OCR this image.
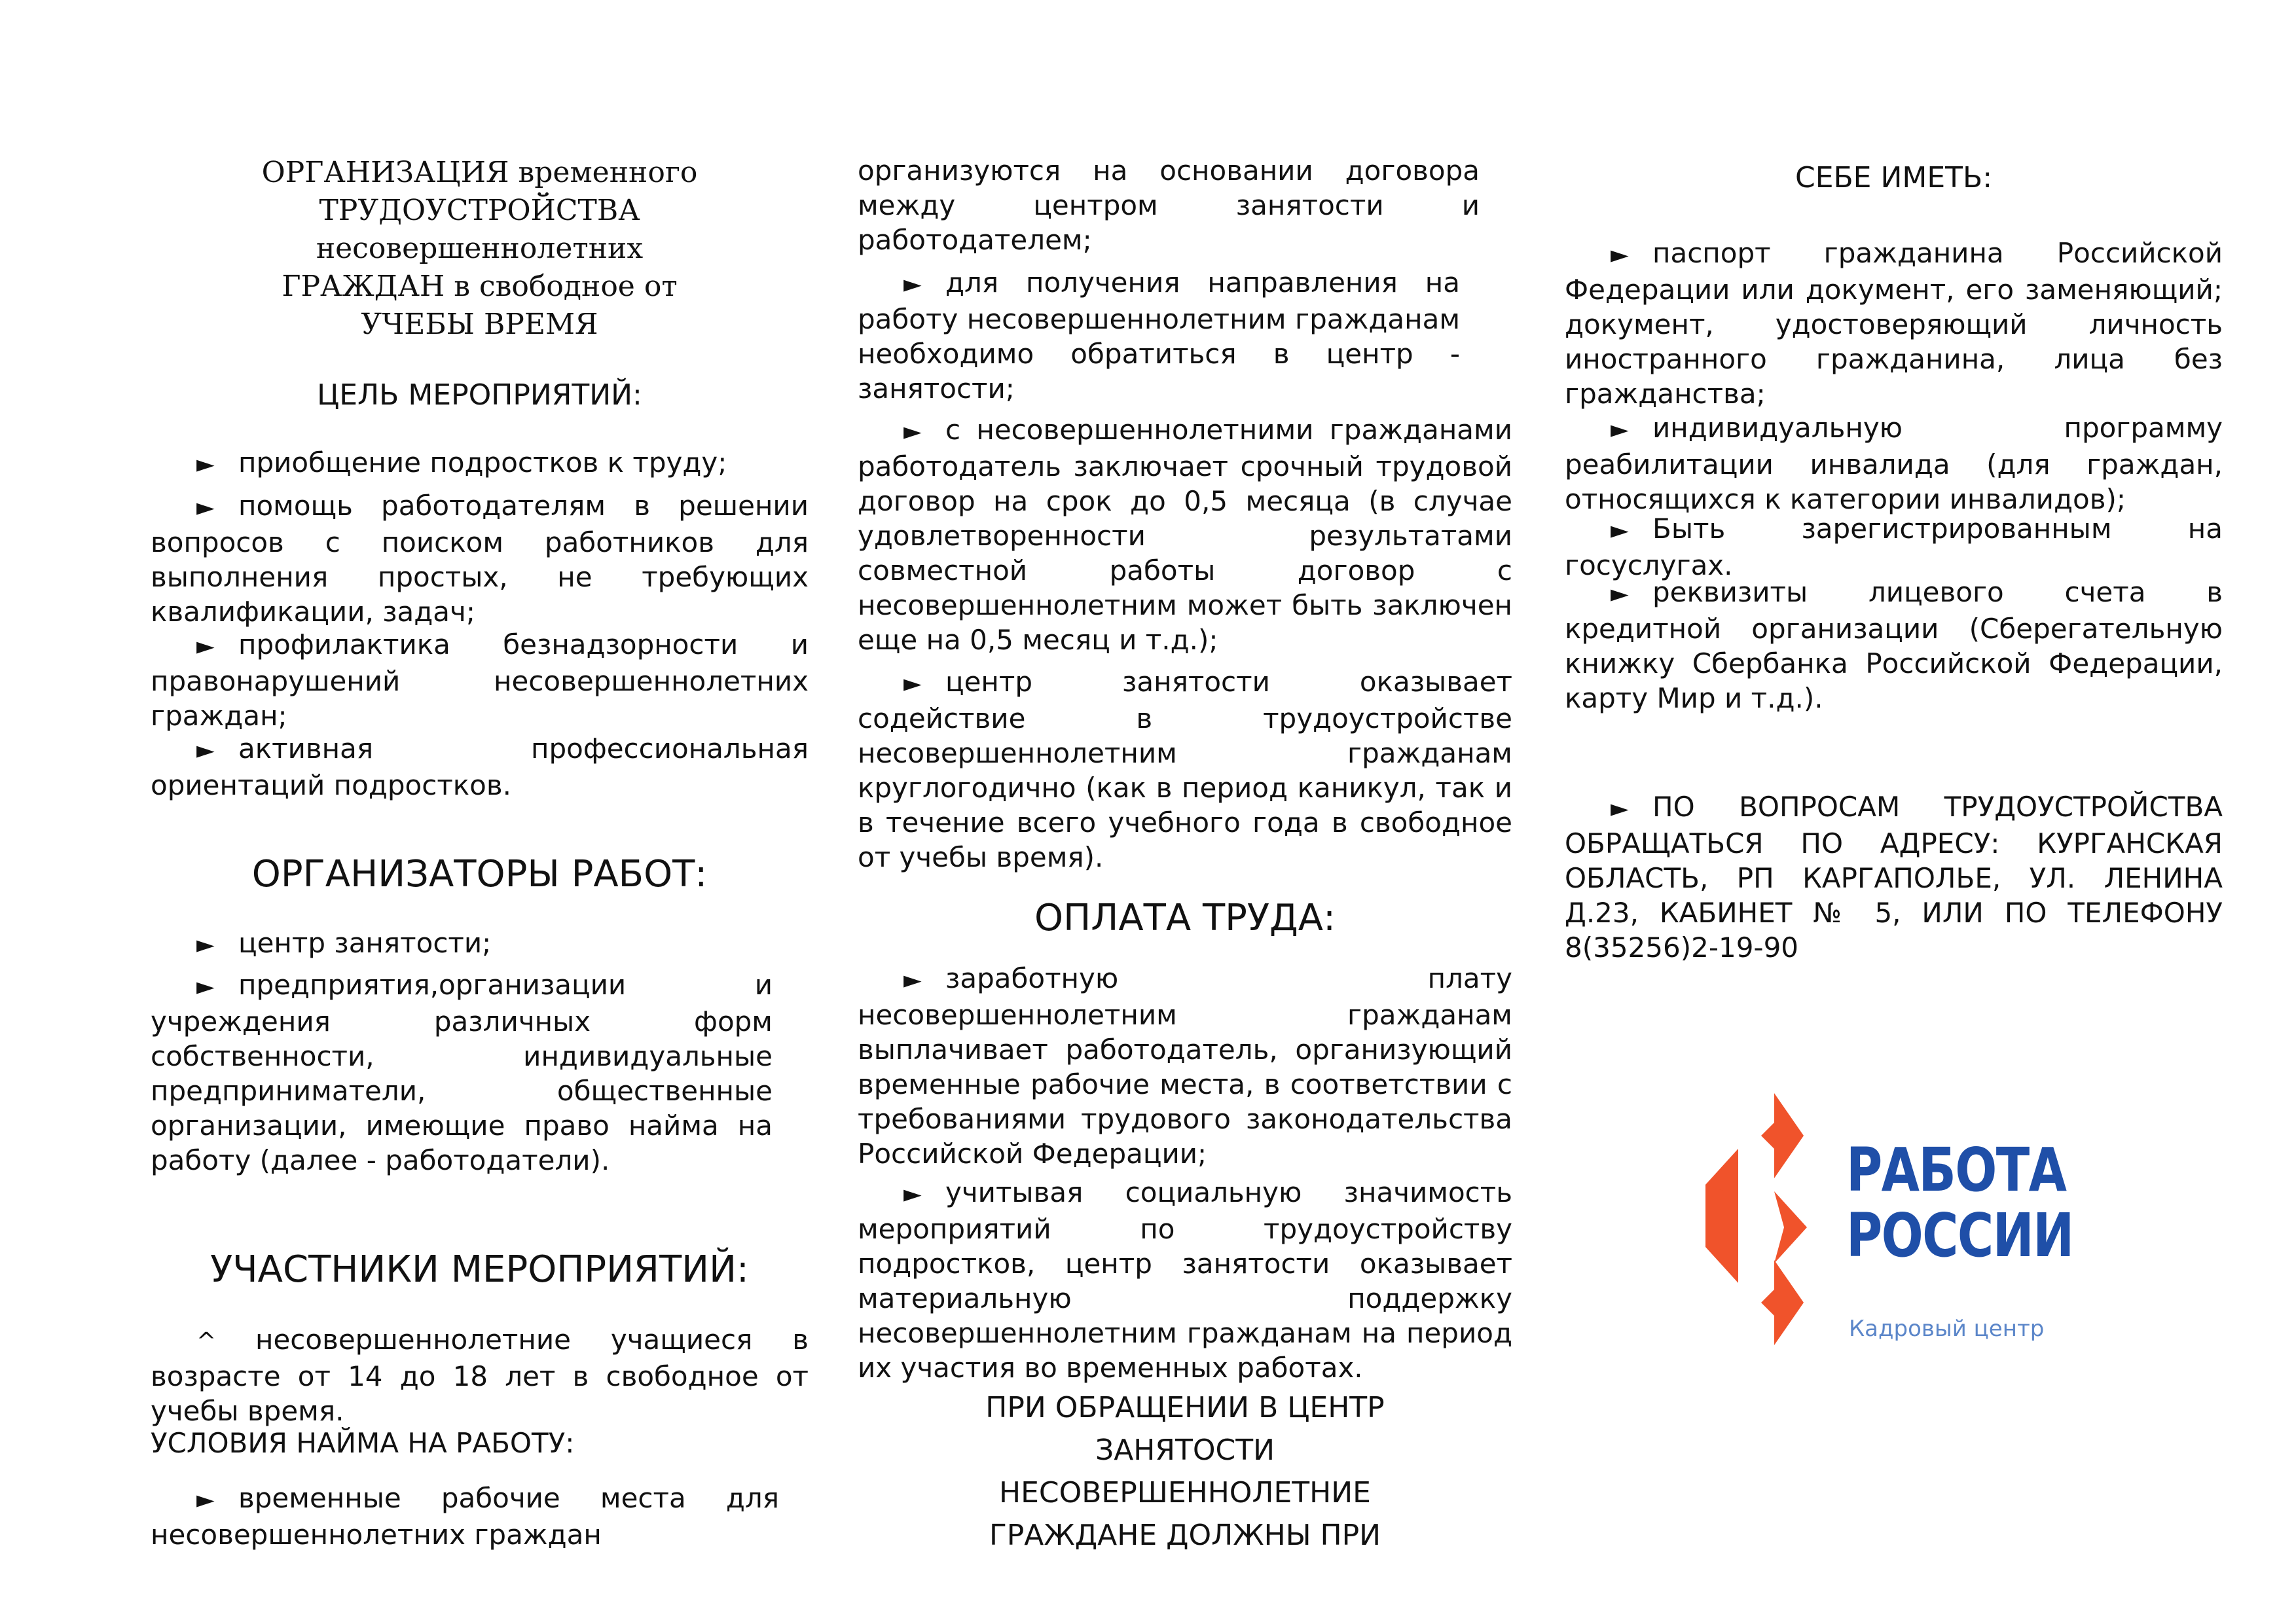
ОРГАНИЗАЦИЯ временного
ТРУДОУСТРОЙСТВА
несовершеннолетних
ГРАЖДАН в свободное от
УЧЕБЫ ВРЕМЯ
ЦЕЛЬ МЕРОПРИЯТИЙ:
► приобщение подростков к труду;
► помощь работодателям в решении вопросов с поиском работников для выполнения простых, не требующих квалификации, задач;
► профилактика безнадзорности и правонарушений несовершеннолетних граждан;
► активная профессиональная ориентаций подростков.
ОРГАНИЗАТОРЫ РАБОТ:
► центр занятости;
► предприятия,организации и учреждения различных форм собственности, индивидуальные предприниматели, общественные организации, имеющие право найма на работу (далее - работодатели).
УЧАСТНИКИ МЕРОПРИЯТИЙ:
^ несовершеннолетние учащиеся в возрасте от 14 до 18 лет в свободное от учебы время.
УСЛОВИЯ НАЙМА НА РАБОТУ:
► временные рабочие места для несовершеннолетних граждан
организуются на основании договора между центром занятости и работодателем;
► для получения направления на работу несовершеннолетним гражданам необходимо обратиться в центр - занятости;
► с несовершеннолетними гражданами работодатель заключает срочный трудовой договор на срок до 0,5 месяца (в случае удовлетворенности результатами совместной работы договор с несовершеннолетним может быть заключен еще на 0,5 месяц и т.д.);
► центр занятости оказывает содействие в трудоустройстве несовершеннолетним гражданам круглогодично (как в период каникул, так и в течение всего учебного года в свободное от учебы время).
ОПЛАТА ТРУДА:
► заработную плату несовершеннолетним гражданам выплачивает работодатель, организующий временные рабочие места, в соответствии с требованиями трудового законодательства Российской Федерации;
► учитывая социальную значимость мероприятий по трудоустройству подростков, центр занятости оказывает материальную поддержку несовершеннолетним гражданам на период их участия во временных работах.
ПРИ ОБРАЩЕНИИ В ЦЕНТР
ЗАНЯТОСТИ
НЕСОВЕРШЕННОЛЕТНИЕ
ГРАЖДАНЕ ДОЛЖНЫ ПРИ
СЕБЕ ИМЕТЬ:
► паспорт гражданина Российской Федерации или документ, его заменяющий; документ, удостоверяющий личность иностранного гражданина, лица без гражданства;
► индивидуальную программу реабилитации инвалида (для граждан, относящихся к категории инвалидов);
► Быть зарегистрированным на госуслугах.
► реквизиты лицевого счета в кредитной организации (Сберегательную книжку Сбербанка Российской Федерации, карту Мир и т.д.).
► ПО ВОПРОСАМ ТРУДОУСТРОЙСТВА ОБРАЩАТЬСЯ ПО АДРЕСУ: КУРГАНСКАЯ ОБЛАСТЬ, РП КАРГАПОЛЬЕ, УЛ. ЛЕНИНА Д.23, КАБИНЕТ № 5, ИЛИ ПО ТЕЛЕФОНУ 8(35256)2-19-90
РАБОТА
РОССИИ
Кадровый центр
